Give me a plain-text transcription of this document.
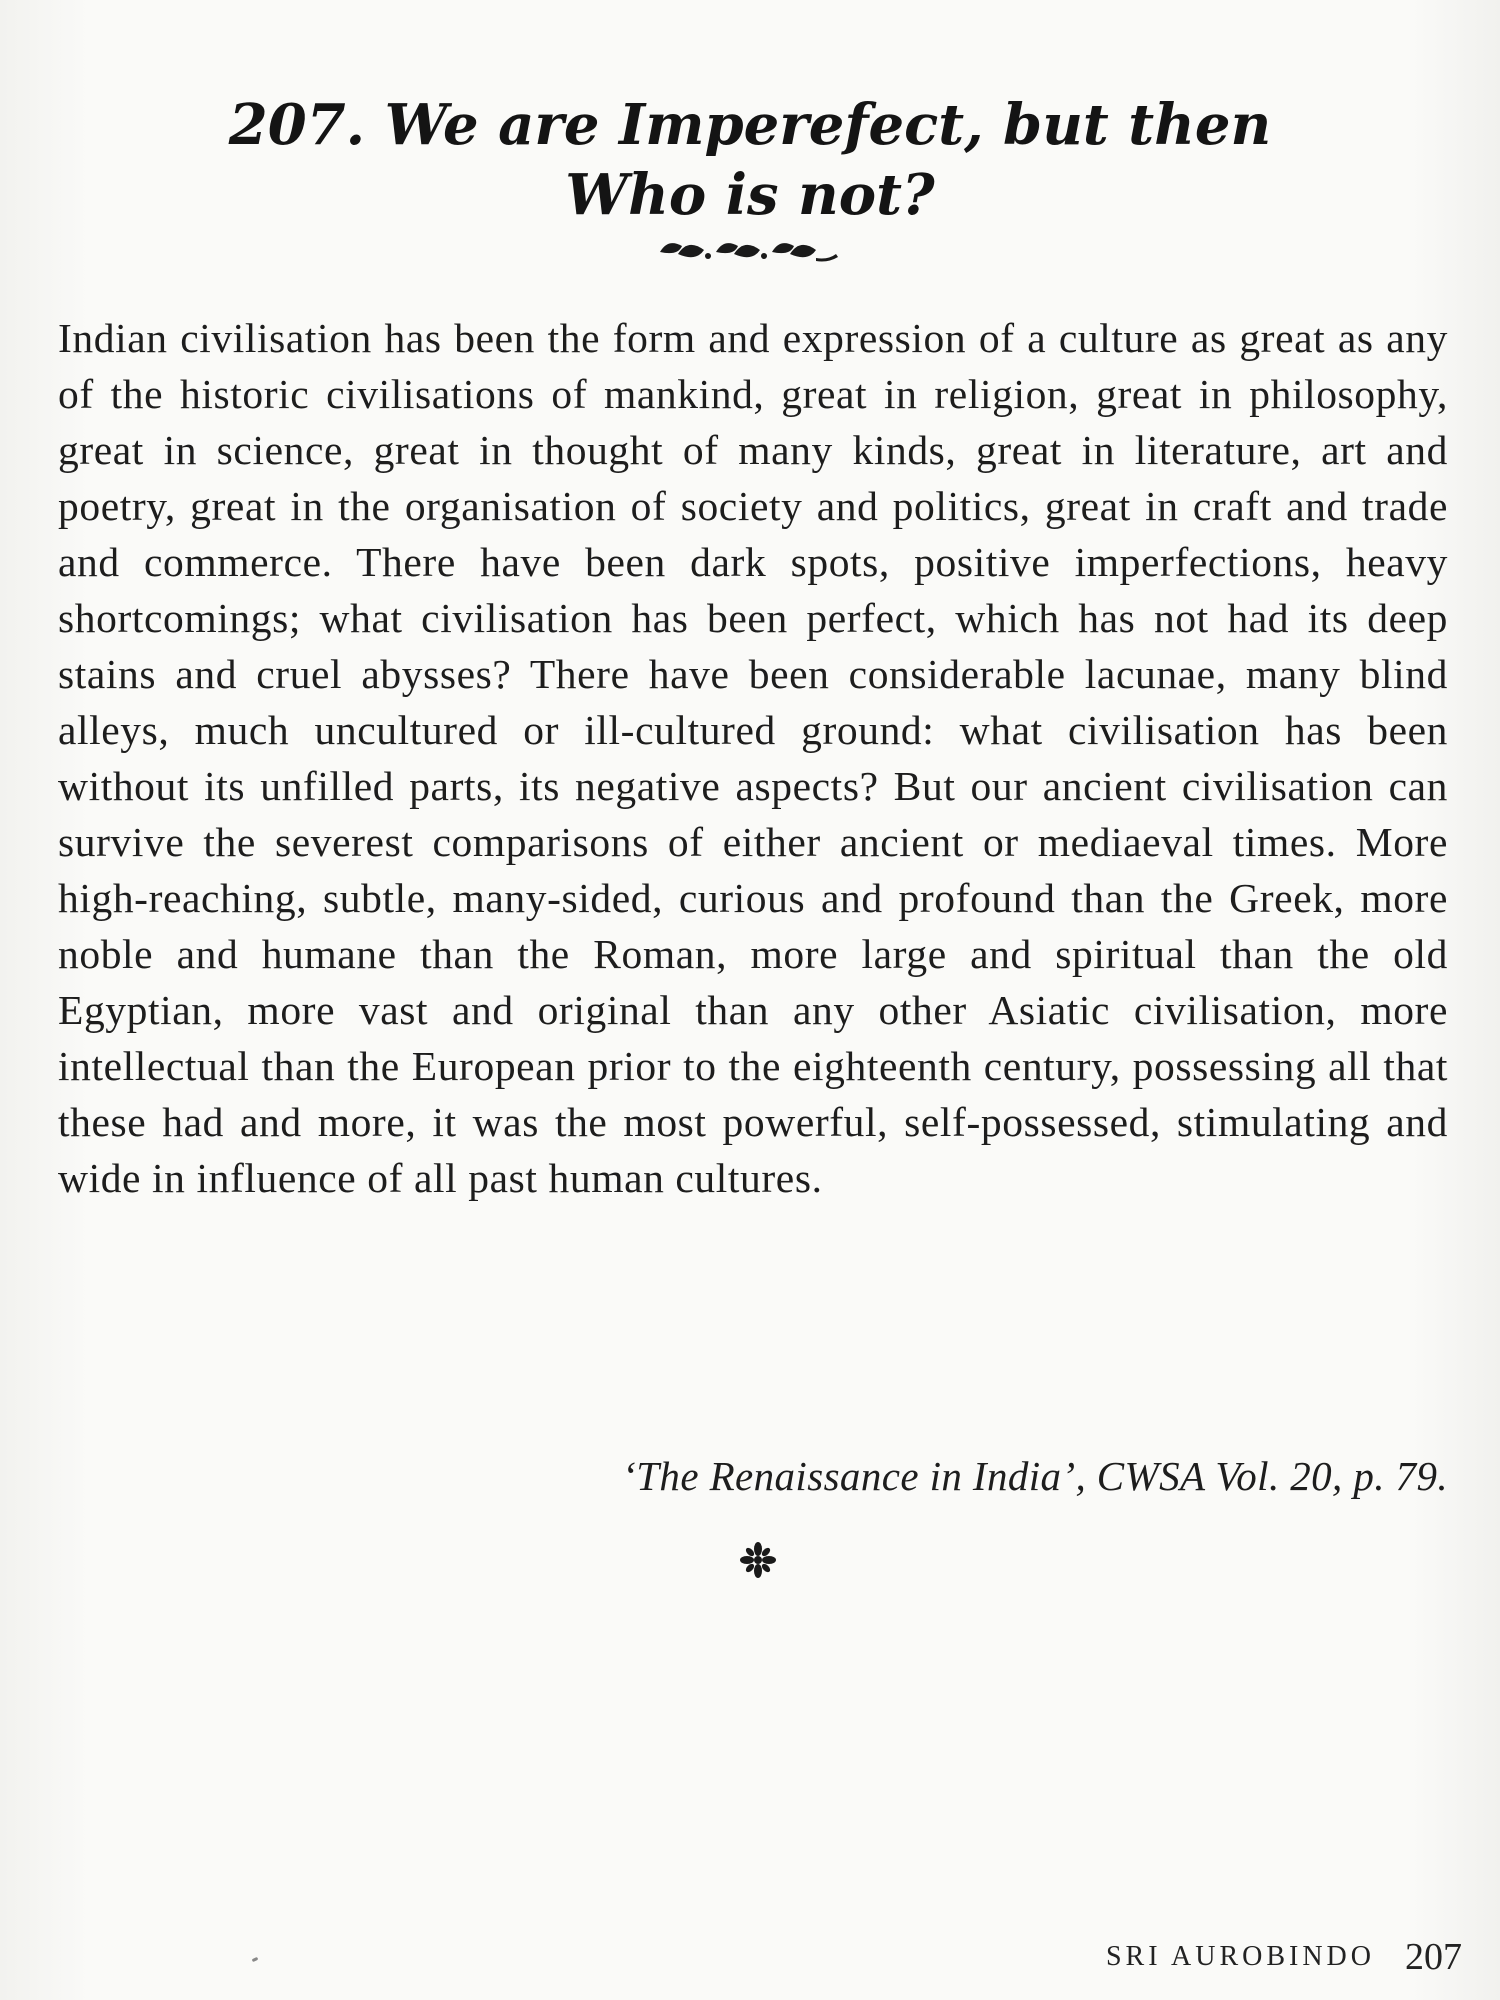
207. We are Imperefect, but then
Who is not?

Indian civilisation has been the form and expression of a culture as great as any of the historic civilisations of mankind, great in religion, great in philosophy, great in science, great in thought of many kinds, great in literature, art and poetry, great in the organisation of society and politics, great in craft and trade and commerce. There have been dark spots, positive imperfections, heavy shortcomings; what civilisation has been perfect, which has not had its deep stains and cruel abysses? There have been considerable lacunae, many blind alleys, much uncultured or ill-cultured ground: what civilisation has been without its unfilled parts, its negative aspects? But our ancient civilisation can survive the severest comparisons of either ancient or mediaeval times. More high-reaching, subtle, many-sided, curious and profound than the Greek, more noble and humane than the Roman, more large and spiritual than the old Egyptian, more vast and original than any other Asiatic civilisation, more intellectual than the European prior to the eighteenth century, possessing all that these had and more, it was the most powerful, self-possessed, stimulating and wide in influence of all past human cultures.

‘The Renaissance in India’, CWSA Vol. 20, p. 79.
SRI AUROBINDO 207
